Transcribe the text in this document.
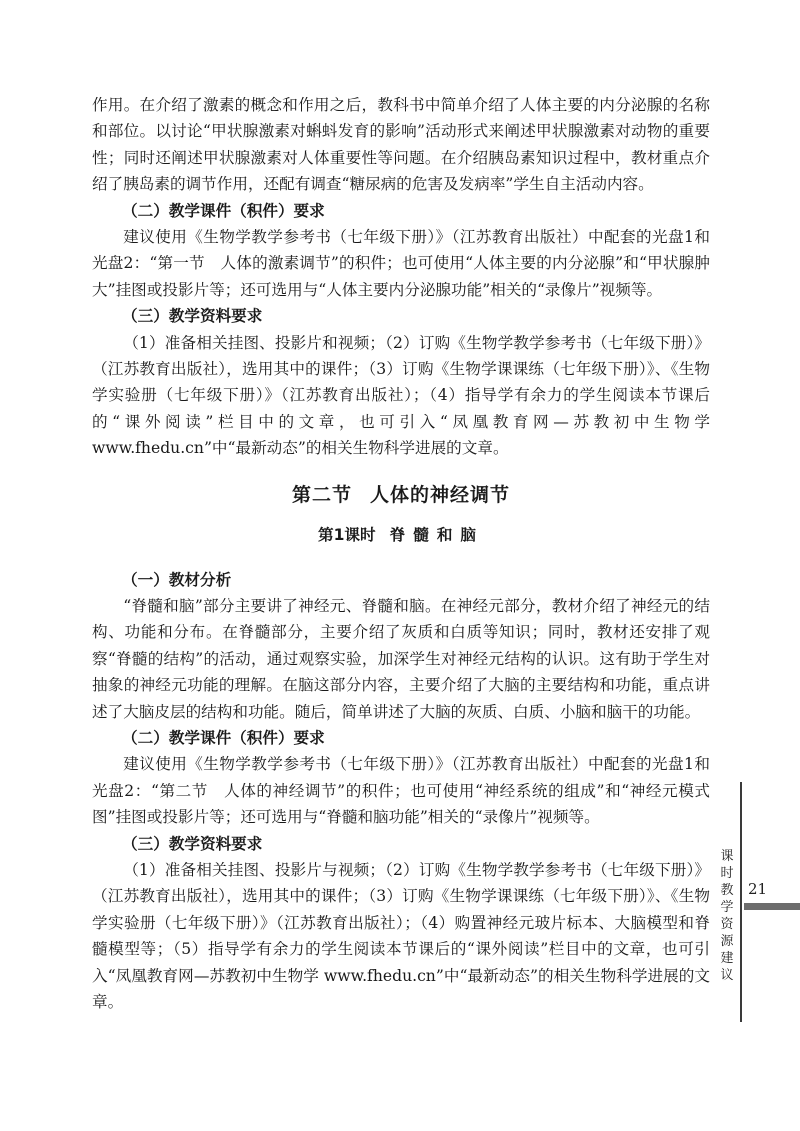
作用。在介绍了激素的概念和作用之后，教科书中简单介绍了人体主要的内分泌腺的名称和部位。以讨论“甲状腺激素对蝌蚪发育的影响”活动形式来阐述甲状腺激素对动物的重要性；同时还阐述甲状腺激素对人体重要性等问题。在介绍胰岛素知识过程中，教材重点介绍了胰岛素的调节作用，还配有调查“糖尿病的危害及发病率”学生自主活动内容。

（二）教学课件（积件）要求

建议使用《生物学教学参考书（七年级下册）》（江苏教育出版社）中配套的光盘1和光盘2：“第一节　人体的激素调节”的积件；也可使用“人体主要的内分泌腺”和“甲状腺肿大”挂图或投影片等；还可选用与“人体主要内分泌腺功能”相关的“录像片”视频等。

（三）教学资料要求

（1）准备相关挂图、投影片和视频；（2）订购《生物学教学参考书（七年级下册）》（江苏教育出版社），选用其中的课件；（3）订购《生物学课课练（七年级下册）》、《生物学实验册（七年级下册）》（江苏教育出版社）；（4）指导学有余力的学生阅读本节课后的“课外阅读”栏目中的文章，也可引入“凤凰教育网—苏教初中生物学 www.fhedu.cn”中“最新动态”的相关生物科学进展的文章。

第二节 人体的神经调节
第1课时 脊髓和脑

（一）教材分析

“脊髓和脑”部分主要讲了神经元、脊髓和脑。在神经元部分，教材介绍了神经元的结构、功能和分布。在脊髓部分，主要介绍了灰质和白质等知识；同时，教材还安排了观察“脊髓的结构”的活动，通过观察实验，加深学生对神经元结构的认识。这有助于学生对抽象的神经元功能的理解。在脑这部分内容，主要介绍了大脑的主要结构和功能，重点讲述了大脑皮层的结构和功能。随后，简单讲述了大脑的灰质、白质、小脑和脑干的功能。

（二）教学课件（积件）要求

建议使用《生物学教学参考书（七年级下册）》（江苏教育出版社）中配套的光盘1和光盘2：“第二节　人体的神经调节”的积件；也可使用“神经系统的组成”和“神经元模式图”挂图或投影片等；还可选用与“脊髓和脑功能”相关的“录像片”视频等。

（三）教学资料要求

（1）准备相关挂图、投影片与视频；（2）订购《生物学教学参考书（七年级下册）》（江苏教育出版社），选用其中的课件；（3）订购《生物学课课练（七年级下册）》、《生物学实验册（七年级下册）》（江苏教育出版社）；（4）购置神经元玻片标本、大脑模型和脊髓模型等；（5）指导学有余力的学生阅读本节课后的“课外阅读”栏目中的文章，也可引入“凤凰教育网—苏教初中生物学 www.fhedu.cn”中“最新动态”的相关生物科学进展的文章。

课时教学资源建议
21
